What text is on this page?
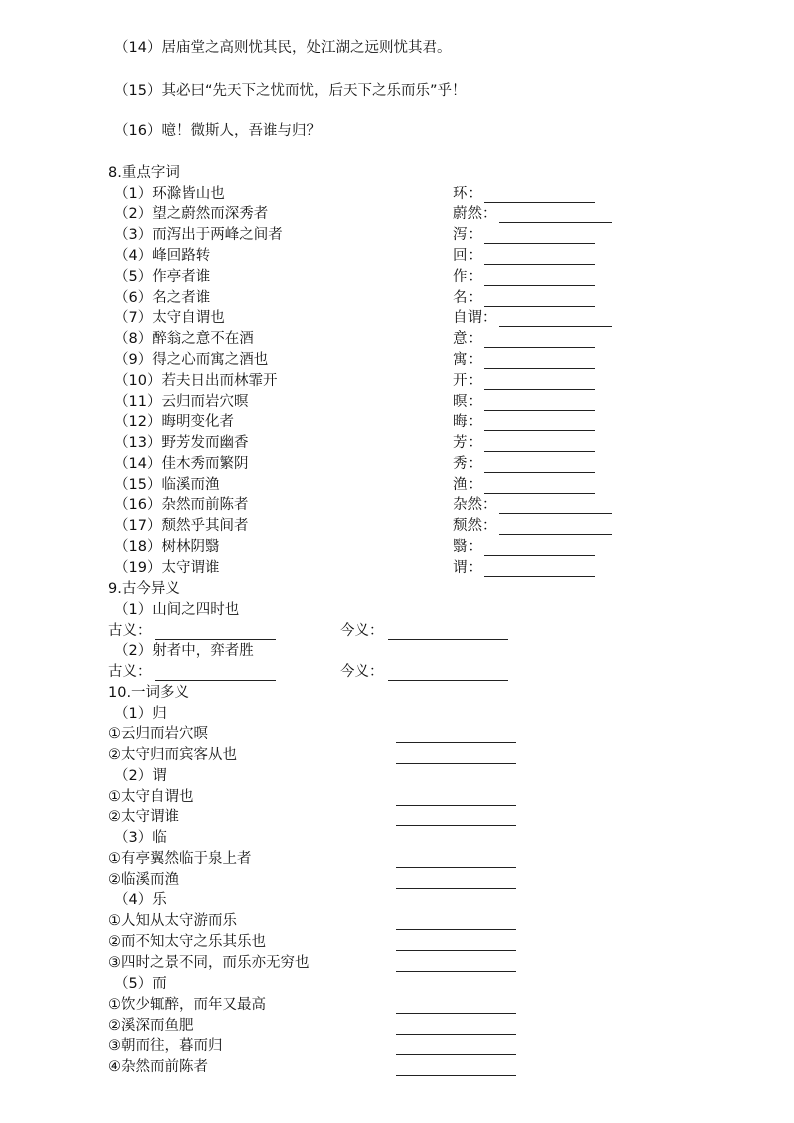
（14）居庙堂之高则忧其民，处江湖之远则忧其君。
（15）其必曰“先天下之忧而忧，后天下之乐而乐”乎！
（16）噫！微斯人，吾谁与归？
8.重点字词
（1）环滁皆山也	环：
（2）望之蔚然而深秀者	蔚然：
（3）而泻出于两峰之间者	泻：
（4）峰回路转	回：
（5）作亭者谁	作：
（6）名之者谁	名：
（7）太守自谓也	自谓：
（8）醉翁之意不在酒	意：
（9）得之心而寓之酒也	寓：
（10）若夫日出而林霏开	开：
（11）云归而岩穴暝	暝：
（12）晦明变化者	晦：
（13）野芳发而幽香	芳：
（14）佳木秀而繁阴	秀：
（15）临溪而渔	渔：
（16）杂然而前陈者	杂然：
（17）颓然乎其间者	颓然：
（18）树林阴翳	翳：
（19）太守谓谁	谓：
9.古今异义
（1）山间之四时也
古义：	今义：
（2）射者中，弈者胜
古义：	今义：
10.一词多义
（1）归
①云归而岩穴暝
②太守归而宾客从也
（2）谓
①太守自谓也
②太守谓谁
（3）临
①有亭翼然临于泉上者
②临溪而渔
（4）乐
①人知从太守游而乐
②而不知太守之乐其乐也
③四时之景不同，而乐亦无穷也
（5）而
①饮少辄醉，而年又最高
②溪深而鱼肥
③朝而往，暮而归
④杂然而前陈者
